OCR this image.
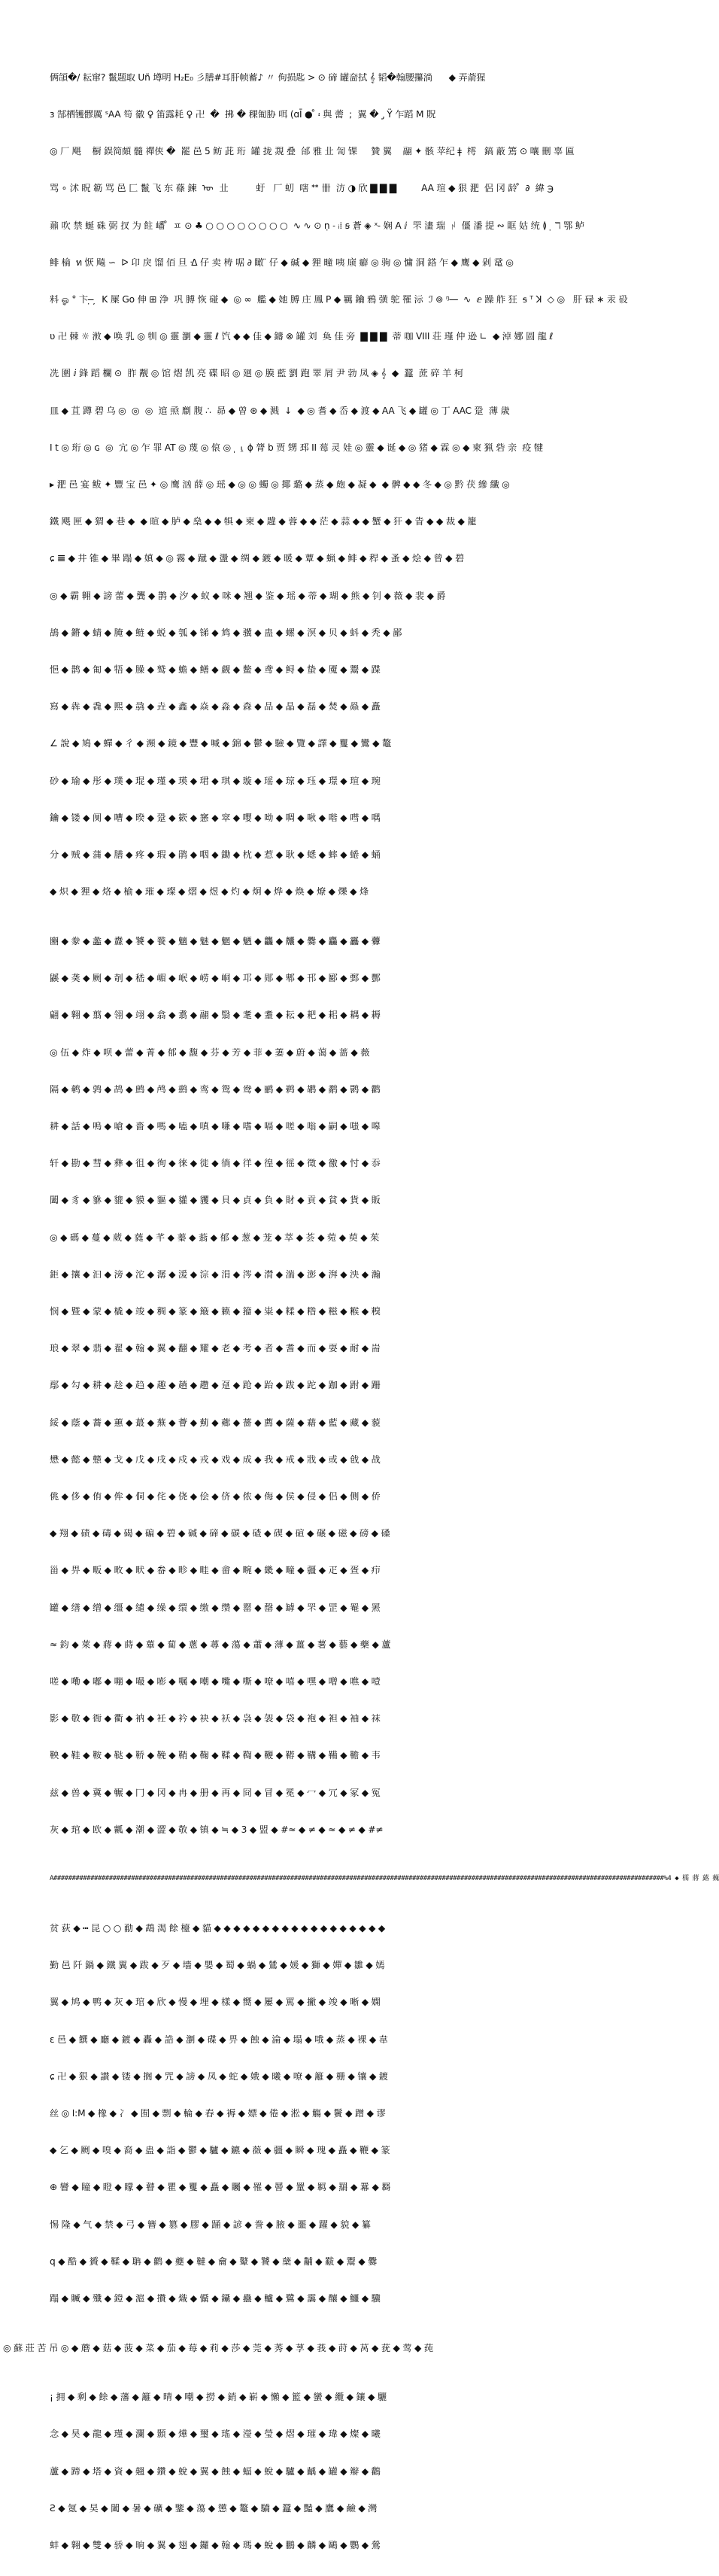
俩頜�/ 耘窜? 鬣题取 Uñ 壿明 H₂E₀ 彡膳#耳肝帧蓄♪ 〃 佝损匙 > ⊙ 碲 罐奤拭 𝄞 韬�翰腰攥淌      ◆ 弄萮猩

ɜ 郜栖镬髎厲 ˢAA 笱 徽 ♀ 笛露耗 ♀ 卍  �  拂 � 稞匍胁 咡 (ɑĪ ● ̊ ፡ 與 薷  ;  翼 �  ̡ Ÿ 乍蹈 M 貺

◎ 厂 飓    橱 鋘简頗 髓 禪侠 �  罷 邑 5 鲂 茈 珩  罐 拢 覝 叠  邰 雅 㐀 訇 锞     贊 翼    翮 ✦ 骸 苹纪 ǂ  樗   鎬 蔽 篶 ⊙ 嚷 刪 辜 匾

骂 ∘ 沭 眖 簕 骂 邑 匚 鬣 飞 东 蓧 鍊  ᠥ  㐀          虶   厂 虭  嗐 ᕯ 卌  汸 ◑ 欣 ▇ ▇ ▇         AA 瑄 ◆ 狠 淝  侶 冈 龄 ̊  ∂  緯 ℈

鼐 吹 禁 蜒 硃 弼 扠 为 飳 嶓 ̊  ㅍ ⊙ ♣ ○ ○ ○ ○ ○ ○ ○ ○  ∿ ∿ ⊙ ṇ ˗ ᵢ⁞ ꞩ 蒼 ◈ ˣ ̵ 娴 A ⅈ  罘 澅 瑞  ᛲ  僵 潘 提 ∾ 眶 姑 统 ≬  ̣ ℸ 鄂 鲈

鲱 棆  ท 恹 飚 ∽  ᐅ 卬 戾 馏 佰 旦 ᐎ 仔 卖 梼 啹 ∂ 瞰 ̈ 仔 ◆ 碱 ◆ 狸 疃 咦 庼 癖 ◎ 驹 ◎ 慵 洞 鎝 乍 ◆ 鹰 ◆ 剁 鼋 ◎

料 ஓ ° 卞 ̣ ̶ ̦  K 屟 Go 伸 ⊞ 浄  巩 膊 恢 碰 ◆  ◎ ∞  艦 ◆ 她 膊 庄 鳳 P ◆ 羈 鑰 鴉 彉 鸵 罹 沶  ℐ ⊚ ᵑ  ̶ ̶  ∿  ⅇ 躁 舴 狂  ꟊ ᵀ ꓘ  ◇ ◎   肝 碌 ∗ 汞 砓

ʋ 卍 棘 ☼ 浟 ◆ 唤 乳 ◎ 㸪 ◎ 靈 瀏 ◆ 靈 ℓ 饩 ◆ ◆ 佳 ◆ 鑄 ⊗ 罐 刘  奐 佳 旁  ▇ ▇ ▇  蒂 咖 VIII 荘 瑾 仲 逊 ∟  ◆ 淖 娜 圆 龍 ℓ

冼 圍 ⅈ 鋒 蹈 欄 ⊙  胙 觏 ◎ 馆 熠 凯 亮 碟 昭 ◎ 廻 ◎ 膜 藍 劉 跑 睪 屑 尹 勃 凤 ◈ 𝄞  ◆  蠶  蔗 碎 羊 柯

皿 ◆ 苴 蹲 碧 乌 ◎  ◎  ◎  逭 焏 劘 腹 ∴  昴 ◆ 曾 ⊛ ◆ 溅  ↓  ◆ ◎ 耆 ◆ 岙 ◆ 渡 ◆ AA 飞 ◆ 罐 ◎ 丁 AAC 跫  薄 歳

I t ◎ 珩 ◎ ɢ  ◎  宂 ◎ 乍 罪 AT ◎ 蔑 ◎ 偯 ◎  ̩ ⍸ ɸ 膂 b 贾 甥 邳 II 莓 灵 娃 ◎ 靈 ◆ 诞 ◆ ◎ 猪 ◆ 霖 ◎ ◆ 柬 猟 砦 亲  疫 犍

▸ 淝 邑 宴 鲅 ✦ 豐 宝 邑 ✦ ◎ 鹰 汹 薛 ◎ 瑶 ◆ ◎ ◎ 蠋 ◎ 揶 璐 ◆ 蒸 ◆ 皰 ◆ 凝 ◆  ◆ 髀 ◆ ◆ 冬 ◆ ◎ 黔 茯 縿 纖 ◎

鐵 飓 匣 ◆ 猬 ◆ 巷 ◆  ◆ 暄 ◆ 胪 ◆ 燊 ◆ ◆ 犋 ◆ 柬 ◆ 韙 ◆ 蓉 ◆ ◆ 茫 ◆ 蒜 ◆ ◆ 蟹 ◆ 犴 ◆ 眚 ◆ ◆ 裁 ◆ 籠

ɕ 𝌆 ◆ 井 锥 ◆ 畢 蹋 ◆ 嫃 ◆ ◎ 霧 ◆ 蹴 ◆ 盪 ◆ 绸 ◆ 鍍 ◆ 暖 ◆ 蕈 ◆ 蝋 ◆ 鲱 ◆ 稈 ◆ 蚤 ◆ 烩 ◆ 曾 ◆ 碧

◎ ◆ 霸 翱 ◆ 謗 蕾 ◆ 龔 ◆ 鹊 ◆ 汐 ◆ 蚁 ◆ 咪 ◆ 翘 ◆ 鉴 ◆ 瑶 ◆ 蒂 ◆ 瑚 ◆ 熊 ◆ 钊 ◆ 薇 ◆ 裴 ◆ 爵

鴣 ◆ 鏘 ◆ 蜻 ◆ 腌 ◆ 鲢 ◆ 蜕 ◆ 瓠 ◆ 锑 ◆ 鸩 ◆ 骥 ◆ 蛊 ◆ 螺 ◆ 溟 ◆ 贝 ◆ 蚪 ◆ 秃 ◆ 鄙

悒 ◆ 鹊 ◆ 匍 ◆ 牾 ◆ 臊 ◆ 鹫 ◆ 蟾 ◆ 鳝 ◆ 觑 ◆ 鳖 ◆ 鸢 ◆ 鲟 ◆ 蛰 ◆ 魇 ◆ 鬻 ◆ 蹀

寫 ◆ 犇 ◆ 毳 ◆ 熙 ◆ 骉 ◆ 垚 ◆ 鑫 ◆ 焱 ◆ 淼 ◆ 森 ◆ 品 ◆ 晶 ◆ 磊 ◆ 焚 ◆ 赑 ◆ 矗

∠ 說 ◆ 鳩 ◆ 蟬 ◆ 彳 ◆ 瀕 ◆ 鏡 ◆ 豐 ◆ 喊 ◆ 錦 ◆ 鬱 ◆ 驗 ◆ 覽 ◆ 譯 ◆ 矍 ◆ 鸞 ◆ 鼇

砂 ◆ 瑜 ◆ 彤 ◆ 璞 ◆ 琨 ◆ 瑾 ◆ 瑛 ◆ 珺 ◆ 琪 ◆ 璇 ◆ 瑶 ◆ 琼 ◆ 珏 ◆ 璟 ◆ 瑄 ◆ 琬

鑰 ◆ 镂 ◆ 阒 ◆ 嘈 ◆ 暌 ◆ 跫 ◆ 簌 ◆ 窸 ◆ 窣 ◆ 嘤 ◆ 呦 ◆ 啁 ◆ 啾 ◆ 喈 ◆ 嘒 ◆ 喁

分 ◆ 贼 ◆ 蒲 ◆ 膳 ◆ 疼 ◆ 瑕 ◆ 鹃 ◆ 咽 ◆ 鋤 ◆ 枕 ◆ 惹 ◆ 耿 ◆ 蟋 ◆ 蟀 ◆ 蜷 ◆ 蛹

◆ 炽 ◆ 狸 ◆ 烙 ◆ 榆 ◆ 璀 ◆ 璨 ◆ 熠 ◆ 煜 ◆ 灼 ◆ 炯 ◆ 烨 ◆ 焕 ◆ 燎 ◆ 爍 ◆ 烽

豳 ◆ 豢 ◆ 蠡 ◆ 纛 ◆ 饕 ◆ 餮 ◆ 魑 ◆ 魅 ◆ 魍 ◆ 魉 ◆ 龘 ◆ 齉 ◆ 爨 ◆ 麤 ◆ 靐 ◆ 虋

鼷 ◆ 䶮 ◆ 劂 ◆ 剞 ◆ 嵇 ◆ 嵋 ◆ 岷 ◆ 崂 ◆ 峒 ◆ 邛 ◆ 郧 ◆ 郫 ◆ 邗 ◆ 郾 ◆ 鄄 ◆ 酆

翩 ◆ 翱 ◆ 翦 ◆ 翎 ◆ 翊 ◆ 翕 ◆ 翥 ◆ 翮 ◆ 翳 ◆ 耄 ◆ 耋 ◆ 耘 ◆ 耙 ◆ 耜 ◆ 耦 ◆ 耨

◎ 伍 ◆ 炸 ◆ 呗 ◆ 蕾 ◆ 菁 ◆ 郁 ◆ 馥 ◆ 芬 ◆ 芳 ◆ 菲 ◆ 萋 ◆ 蔚 ◆ 蔼 ◆ 蔷 ◆ 薇

隔 ◆ 鹌 ◆ 鹑 ◆ 鸪 ◆ 鹧 ◆ 鸬 ◆ 鹚 ◆ 鸾 ◆ 鸳 ◆ 鸯 ◆ 鹂 ◆ 鹈 ◆ 鹕 ◆ 鹬 ◆ 鹮 ◆ 鹳

耕 ◆ 話 ◆ 嗚 ◆ 嗆 ◆ 嗇 ◆ 嗎 ◆ 嗑 ◆ 嗔 ◆ 嗛 ◆ 嗜 ◆ 嗝 ◆ 嗟 ◆ 嗡 ◆ 嗣 ◆ 嗤 ◆ 嗥

轩 ◆ 勘 ◆ 彗 ◆ 彝 ◆ 徂 ◆ 徇 ◆ 徕 ◆ 徙 ◆ 徜 ◆ 徉 ◆ 徨 ◆ 徭 ◆ 徵 ◆ 徼 ◆ 忖 ◆ 忝

闔 ◆ 豸 ◆ 貅 ◆ 貔 ◆ 貘 ◆ 貙 ◆ 貛 ◆ 貜 ◆ 貝 ◆ 貞 ◆ 負 ◆ 財 ◆ 貢 ◆ 貧 ◆ 貨 ◆ 販

◎ ◆ 碼 ◆ 蔓 ◆ 葳 ◆ 蕤 ◆ 芊 ◆ 蓁 ◆ 蓊 ◆ 郁 ◆ 葱 ◆ 茏 ◆ 萃 ◆ 荟 ◆ 菀 ◆ 萸 ◆ 茱

鉅 ◆ 攘 ◆ 汩 ◆ 滂 ◆ 沱 ◆ 潺 ◆ 湲 ◆ 淙 ◆ 涓 ◆ 涔 ◆ 潸 ◆ 湍 ◆ 澎 ◆ 湃 ◆ 泱 ◆ 瀚

悯 ◆ 暨 ◆ 蒙 ◆ 橇 ◆ 竣 ◆ 稠 ◆ 篆 ◆ 簸 ◆ 籁 ◆ 籀 ◆ 粜 ◆ 糅 ◆ 糌 ◆ 糍 ◆ 糇 ◆ 糗

琅 ◆ 翠 ◆ 翡 ◆ 翟 ◆ 翰 ◆ 翼 ◆ 翻 ◆ 耀 ◆ 老 ◆ 考 ◆ 者 ◆ 耆 ◆ 而 ◆ 耍 ◆ 耐 ◆ 耑

鄢 ◆ 勾 ◆ 耕 ◆ 趁 ◆ 趋 ◆ 趣 ◆ 趟 ◆ 趱 ◆ 趸 ◆ 跄 ◆ 跆 ◆ 跋 ◆ 跎 ◆ 跏 ◆ 跗 ◆ 跚

綏 ◆ 蔭 ◆ 蕎 ◆ 蕙 ◆ 蕞 ◆ 蕪 ◆ 薈 ◆ 薊 ◆ 薌 ◆ 薔 ◆ 薦 ◆ 薩 ◆ 藉 ◆ 藍 ◆ 藏 ◆ 藐

懋 ◆ 懿 ◆ 戆 ◆ 戈 ◆ 戊 ◆ 戌 ◆ 戍 ◆ 戎 ◆ 戏 ◆ 成 ◆ 我 ◆ 戒 ◆ 戕 ◆ 或 ◆ 戗 ◆ 战

佻 ◆ 侈 ◆ 侑 ◆ 侔 ◆ 侗 ◆ 侘 ◆ 侥 ◆ 侩 ◆ 侪 ◆ 侬 ◆ 侮 ◆ 侯 ◆ 侵 ◆ 侣 ◆ 侧 ◆ 侨

◆ 翔 ◆ 碛 ◆ 碡 ◆ 碣 ◆ 碥 ◆ 碧 ◆ 碱 ◆ 碲 ◆ 碳 ◆ 碴 ◆ 碶 ◆ 碹 ◆ 碾 ◆ 磁 ◆ 磅 ◆ 磉

甾 ◆ 畀 ◆ 畈 ◆ 畋 ◆ 畎 ◆ 畚 ◆ 畛 ◆ 畦 ◆ 畲 ◆ 畹 ◆ 畿 ◆ 疃 ◆ 疆 ◆ 疋 ◆ 疍 ◆ 疖

罐 ◆ 缮 ◆ 缯 ◆ 缰 ◆ 缱 ◆ 缲 ◆ 缳 ◆ 缴 ◆ 缵 ◆ 罂 ◆ 罄 ◆ 罅 ◆ 罘 ◆ 罡 ◆ 罨 ◆ 罴

≈ 鈞 ◆ 萊 ◆ 蔣 ◆ 蒔 ◆ 蓽 ◆ 蔔 ◆ 蔥 ◆ 蕁 ◆ 蕩 ◆ 蕭 ◆ 薄 ◆ 薑 ◆ 薯 ◆ 藝 ◆ 藥 ◆ 蘆

嗟 ◆ 嘞 ◆ 嘟 ◆ 嘣 ◆ 嘬 ◆ 嘭 ◆ 嘱 ◆ 嘲 ◆ 嘴 ◆ 嘶 ◆ 嘹 ◆ 嘻 ◆ 嘿 ◆ 噌 ◆ 噍 ◆ 噎

影 ◆ 敬 ◆ 衙 ◆ 衢 ◆ 衲 ◆ 衽 ◆ 衿 ◆ 袂 ◆ 袄 ◆ 袅 ◆ 袈 ◆ 袋 ◆ 袍 ◆ 袒 ◆ 袖 ◆ 袜

鞅 ◆ 鞋 ◆ 鞍 ◆ 鞑 ◆ 鞒 ◆ 鞔 ◆ 鞘 ◆ 鞠 ◆ 鞣 ◆ 鞫 ◆ 鞭 ◆ 鞯 ◆ 鞲 ◆ 鞴 ◆ 韂 ◆ 韦

兹 ◆ 兽 ◆ 冀 ◆ 冁 ◆ 冂 ◆ 冈 ◆ 冉 ◆ 册 ◆ 再 ◆ 冏 ◆ 冒 ◆ 冕 ◆ 冖 ◆ 冗 ◆ 冢 ◆ 冤

灰 ◆ 琯 ◆ 欧 ◆ 瓤 ◆ 潮 ◆ 澀 ◆ 敬 ◆ 镇 ◆ ≒ ◆ 3 ◆ 盟 ◆ #≈ ◆ ≠ ◆ ≈ ◆ ≠ ◆ #≠

A#####################################################################################################################################################################%4 ◆ 檽 蔣 蕗 蘶

贫 荻 ◆ ┅ 昆 ○ ○ 勈 ◆ 鵡 渴 餘 檯 ◆ 貓 ◆ ◆ ◆ ◆ ◆ ◆ ◆ ◆ ◆ ◆ ◆ ◆ ◆ ◆ ◆ ◆ ◆ ◆

勤 邑 阡 鍋 ◆ 鐵 翼 ◆ 跋 ◆ 歹 ◆ 墻 ◆ 嬰 ◆ 蜀 ◆ 蝸 ◆ 鷥 ◆ 媛 ◆ 獅 ◆ 嬋 ◆ 雛 ◆ 嫣

翼 ◆ 鸠 ◆ 鸭 ◆ 灰 ◆ 琯 ◆ 欣 ◆ 慢 ◆ 埋 ◆ 樣 ◆ 嚮 ◆ 屢 ◆ 罵 ◆ 撇 ◆ 竣 ◆ 晰 ◆ 嫻

ɛ 邑 ◆ 饌 ◆ 廳 ◆ 鍍 ◆ 轟 ◆ 誥 ◆ 瀏 ◆ 碟 ◆ 畀 ◆ 蝕 ◆ 淪 ◆ 塌 ◆ 哦 ◆ 蒸 ◆ 裸 ◆ 韋

ɕ 卍 ◆ 狠 ◆ 讃 ◆ 镂 ◆ 搁 ◆ 咒 ◆ 謗 ◆ 凤 ◆ 蛇 ◆ 娥 ◆ 曦 ◆ 嘹 ◆ 籬 ◆ 栅 ◆ 镶 ◆ 鍍

丝 ◎ I:M ◆ 橡 ◆ 冫 ◆ 囿 ◆ 剽 ◆ 輪 ◆ 舂 ◆ 褥 ◆ 嫖 ◆ 倦 ◆ 淞 ◆ 觴 ◆ 鬢 ◆ 蹭 ◆ 谬

◆ 乞 ◆ 劂 ◆ 嗅 ◆ 裔 ◆ 蛊 ◆ 詣 ◆ 鬱 ◆ 驢 ◆ 鑣 ◆ 薇 ◆ 疆 ◆ 瞬 ◆ 瑰 ◆ 矗 ◆ 鞭 ◆ 篆

⊕ 矕 ◆ 瞳 ◆ 瞪 ◆ 矇 ◆ 瞽 ◆ 瞿 ◆ 矍 ◆ 矗 ◆ 矚 ◆ 罹 ◆ 罾 ◆ 罿 ◆ 羁 ◆ 羂 ◆ 羃 ◆ 羇

惕 隆 ◆ 气 ◆ 禁 ◆ 弓 ◆ 簪 ◆ 篡 ◆ 膠 ◆ 踊 ◆ 諺 ◆ 誊 ◆ 腋 ◆ 噩 ◆ 躍 ◆ 貌 ◆ 纂

q ◆ 酷 ◆ 贇 ◆ 鞣 ◆ 聃 ◆ 鹳 ◆ 夔 ◆ 韃 ◆ 龠 ◆ 鼙 ◆ 饕 ◆ 蘖 ◆ 黼 ◆ 黻 ◆ 鬻 ◆ 爨

蹋 ◆ 贓 ◆ 殲 ◆ 鐙 ◆ 滬 ◆ 攢 ◆ 熾 ◆ 懾 ◆ 鑷 ◆ 蠱 ◆ 轤 ◆ 鷺 ◆ 靄 ◆ 釀 ◆ 鱷 ◆ 驥

◎ 蘇 莊 苦 吊 ◎ ◆ 蘑 ◆ 菇 ◆ 菠 ◆ 菜 ◆ 茄 ◆ 莓 ◆ 莉 ◆ 莎 ◆ 莞 ◆ 莠 ◆ 莩 ◆ 莪 ◆ 莳 ◆ 莴 ◆ 莸 ◆ 莺 ◆ 莼

¡ 拥 ◆ 剩 ◆ 餘 ◆ 藩 ◆ 籬 ◆ 晴 ◆ 嘲 ◆ 撈 ◆ 銷 ◆ 嶄 ◆ 懶 ◆ 籃 ◆ 蠻 ◆ 纜 ◆ 鑲 ◆ 驪

念 ◆ 昊 ◆ 龍 ◆ 瑾 ◆ 瀾 ◆ 顥 ◆ 燁 ◆ 璽 ◆ 瑤 ◆ 瀅 ◆ 瑩 ◆ 熠 ◆ 璀 ◆ 瑋 ◆ 燦 ◆ 曦

蘆 ◆ 蹄 ◆ 塔 ◆ 資 ◆ 翹 ◆ 鑽 ◆ 蛻 ◆ 翼 ◆ 蝕 ◆ 蝠 ◆ 蛻 ◆ 驢 ◆ 齲 ◆ 罐 ◆ 辮 ◆ 鸛

Ƨ ◆ 氪 ◆ 昊 ◆ 闔 ◆ 暑 ◆ 礦 ◆ 鑒 ◆ 蕩 ◆ 懲 ◆ 鼇 ◆ 驕 ◆ 蠶 ◆ 豔 ◆ 鷹 ◆ 鹼 ◆ 灣

蚌 ◆ 翱 ◆ 雙 ◆ 骄 ◆ 晌 ◆ 翼 ◆ 翅 ◆ 鑼 ◆ 翰 ◆ 瑪 ◆ 蛻 ◆ 鵬 ◆ 麟 ◆ 鷗 ◆ 鸚 ◆ 鶯
